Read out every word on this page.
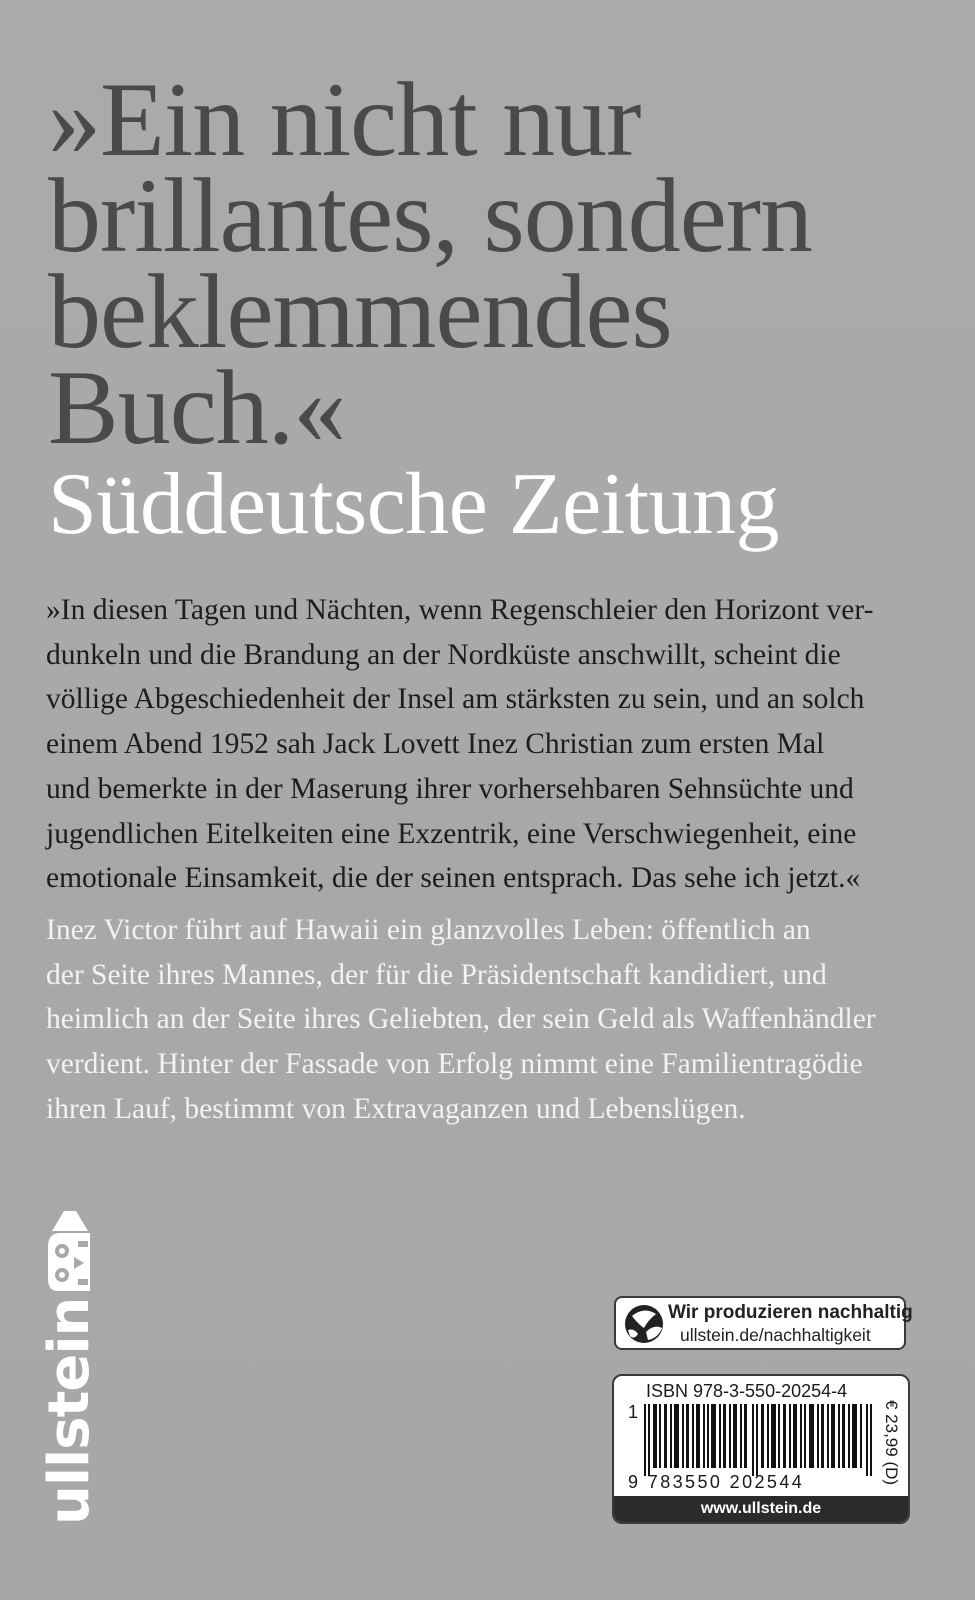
»Ein nicht nur
brillantes, sondern
beklemmendes
Buch.«
Süddeutsche Zeitung
»In diesen Tagen und Nächten, wenn Regenschleier den Horizont ver-
dunkeln und die Brandung an der Nordküste anschwillt, scheint die
völlige Abgeschiedenheit der Insel am stärksten zu sein, und an solch
einem Abend 1952 sah Jack Lovett Inez Christian zum ersten Mal
und bemerkte in der Maserung ihrer vorhersehbaren Sehnsüchte und
jugendlichen Eitelkeiten eine Exzentrik, eine Verschwiegenheit, eine
emotionale Einsamkeit, die der seinen entsprach. Das sehe ich jetzt.«
Inez Victor führt auf Hawaii ein glanzvolles Leben: öffentlich an
der Seite ihres Mannes, der für die Präsidentschaft kandidiert, und
heimlich an der Seite ihres Geliebten, der sein Geld als Waffenhändler
verdient. Hinter der Fassade von Erfolg nimmt eine Familientragödie
ihren Lauf, bestimmt von Extravaganzen und Lebenslügen.
ullstein	Wir produzieren nachhaltig
ullstein.de/nachhaltigkeit
ISBN 978-3-550-20254-4
1
9 783550 202544	€ 23,99 (D)
www.ullstein.de
